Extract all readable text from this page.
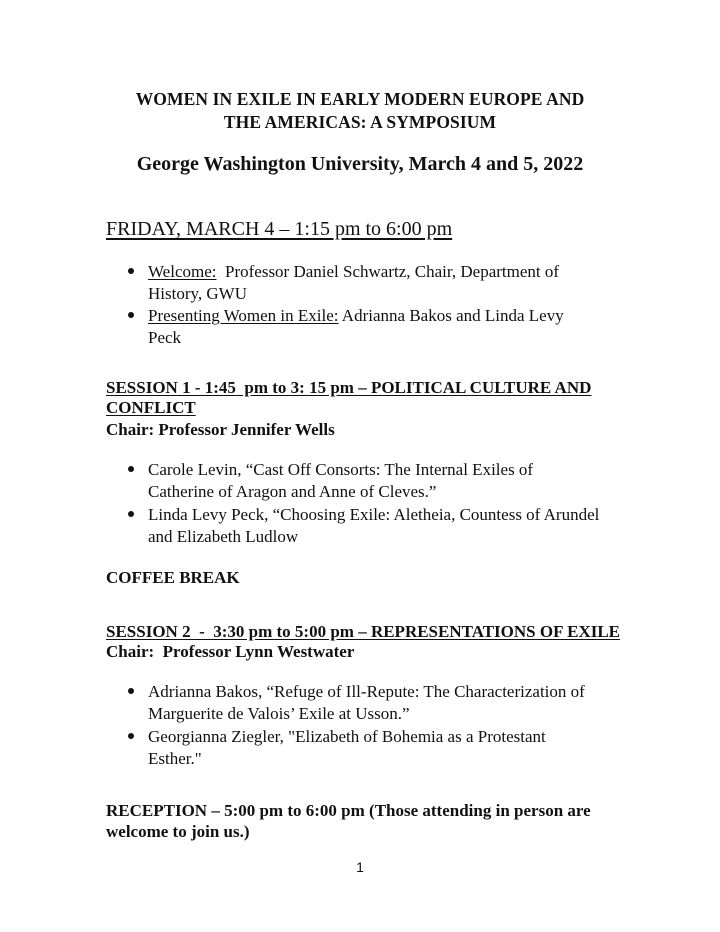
WOMEN IN EXILE IN EARLY MODERN EUROPE AND
THE AMERICAS: A SYMPOSIUM
George Washington University, March 4 and 5, 2022
FRIDAY, MARCH 4 – 1:15 pm to 6:00 pm
Welcome:  Professor Daniel Schwartz, Chair, Department of
History, GWU
Presenting Women in Exile: Adrianna Bakos and Linda Levy
Peck
SESSION 1 - 1:45  pm to 3: 15 pm – POLITICAL CULTURE AND
CONFLICT
Chair: Professor Jennifer Wells
Carole Levin, “Cast Off Consorts: The Internal Exiles of
Catherine of Aragon and Anne of Cleves.”
Linda Levy Peck, “Choosing Exile: Aletheia, Countess of Arundel
and Elizabeth Ludlow
COFFEE BREAK
SESSION 2  -  3:30 pm to 5:00 pm – REPRESENTATIONS OF EXILE
Chair:  Professor Lynn Westwater
Adrianna Bakos, “Refuge of Ill-Repute: The Characterization of
Marguerite de Valois’ Exile at Usson.”
Georgianna Ziegler, "Elizabeth of Bohemia as a Protestant
Esther."
RECEPTION – 5:00 pm to 6:00 pm (Those attending in person are
welcome to join us.)
1
